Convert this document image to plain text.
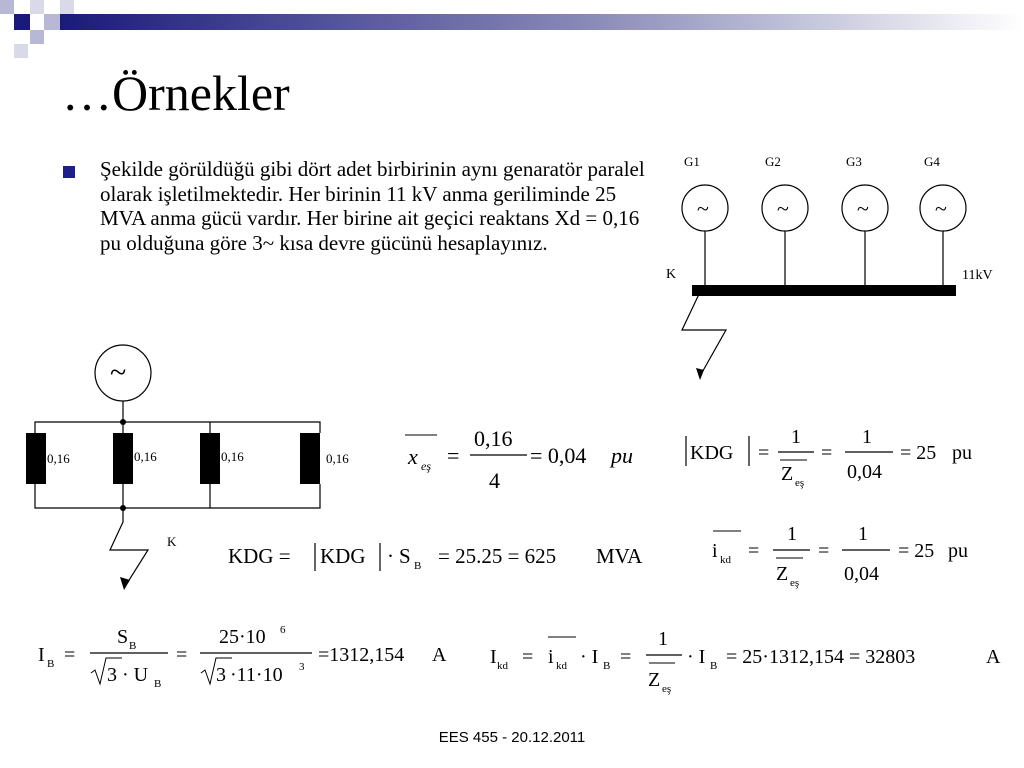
…Örnekler
Şekilde görüldüğü gibi dört adet birbirinin aynı genaratör paralel olarak işletilmektedir. Her birinin 11 kV anma geriliminde 25 MVA anma gücü vardır. Her birine ait geçici reaktans Xd = 0,16 pu olduğuna göre 3~ kısa devre gücünü hesaplayınız.
G1	G2	G3	G4
~	~	~	~
K	11kV
~
0,16	0,16	0,16	0,16
K
x eş =
0,16
4
= 0,04 pu	KDG =
1
Z eş
=
1
0,04
= 25 pu
KDG = KDG · S B = 25.25 = 625 MVA	i kd =
1
Z eş
=
1
0,04
= 25 pu
I B =
S B
3 · U B
=
25·10 6
3 ·11·10 3
=1312,154 A I kd = i kd · I B =
1
Z eş
· I B = 25·1312,154 = 32803	A
EES 455 - 20.12.2011
